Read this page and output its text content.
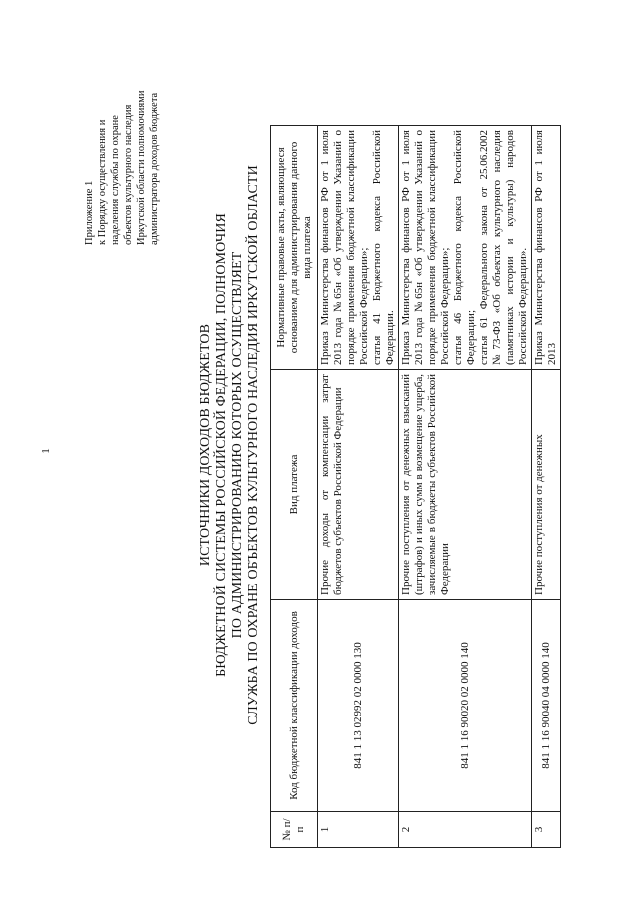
1
Приложение 1 к Порядку осуществления и наделения службы по охране объектов культурного наследия Иркутской области полномочиями администратора доходов бюджета
ИСТОЧНИКИ ДОХОДОВ БЮДЖЕТОВ БЮДЖЕТНОЙ СИСТЕМЫ РОССИЙСКОЙ ФЕДЕРАЦИИ, ПОЛНОМОЧИЯ ПО АДМИНИСТРИРОВАНИЮ КОТОРЫХ ОСУЩЕСТВЛЯЕТ СЛУЖБА ПО ОХРАНЕ ОБЪЕКТОВ КУЛЬТУРНОГО НАСЛЕДИЯ ИРКУТСКОЙ ОБЛАСТИ
№ п/п	Код бюджетной классификации доходов	Вид платежа	Нормативные правовые акты, являющиеся основанием для администрирования данного вида платежа
1	841 1 13 02992 02 0000 130	Прочие доходы от компенсации затрат бюджетов субъектов Российской Федерации	Приказ Министерства финансов РФ от 1 июля 2013 года №65н «Об утверждении Указаний о порядке применения бюджетной классификации Российской Федерации»;
статья 41 Бюджетного кодекса Российской Федерации.
2	841 1 16 90020 02 0000 140	Прочие поступления от денежных взысканий (штрафов) и иных сумм в возмещение ущерба, зачисляемые в бюджеты субъектов Российской Федерации	Приказ Министерства финансов РФ от 1 июля 2013 года №65н «Об утверждении Указаний о порядке применения бюджетной классификации Российской Федерации»;
статья 46 Бюджетного кодекса Российской Федерации;
статья 61 Федерального закона от 25.06.2002 №73-ФЗ «Об объектах культурного наследия (памятниках истории и культуры) народов Российской Федерации».
3	841 1 16 90040 04 0000 140	Прочие поступления от денежных	Приказ Министерства финансов РФ от 1 июля 2013
